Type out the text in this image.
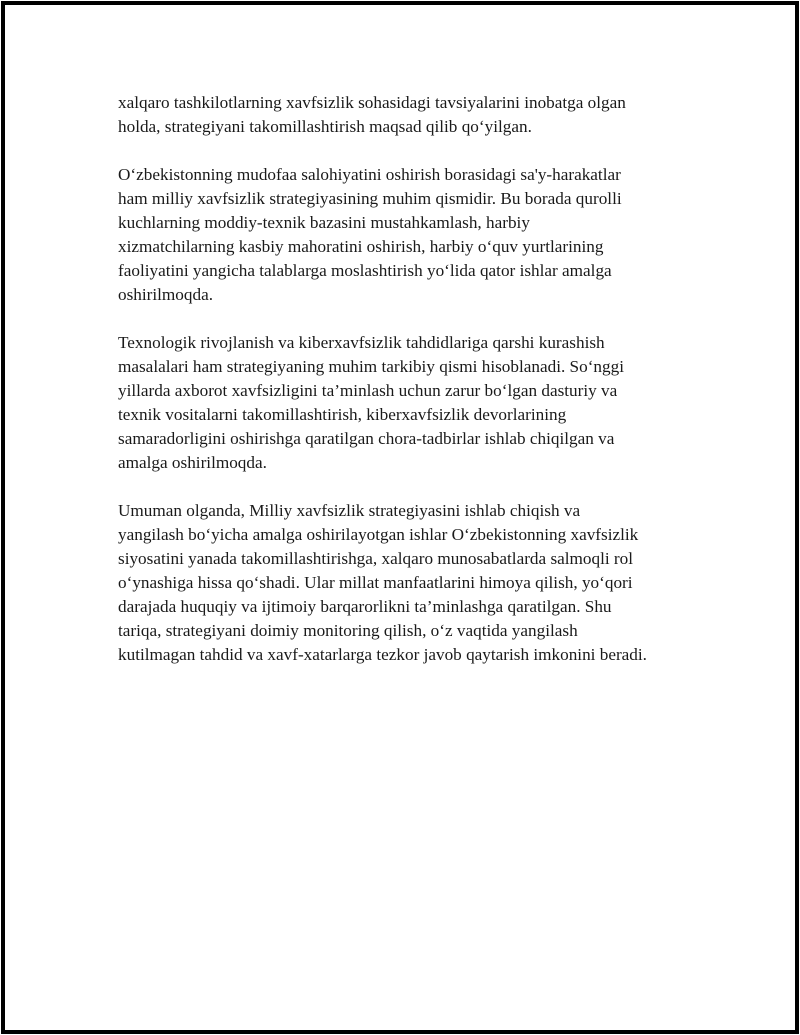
xalqaro tashkilotlarning xavfsizlik sohasidagi tavsiyalarini inobatga olgan
holda, strategiyani takomillashtirish maqsad qilib qo‘yilgan.

O‘zbekistonning mudofaa salohiyatini oshirish borasidagi sa'y-harakatlar
ham milliy xavfsizlik strategiyasining muhim qismidir. Bu borada qurolli
kuchlarning moddiy-texnik bazasini mustahkamlash, harbiy
xizmatchilarning kasbiy mahoratini oshirish, harbiy o‘quv yurtlarining
faoliyatini yangicha talablarga moslashtirish yo‘lida qator ishlar amalga
oshirilmoqda.

Texnologik rivojlanish va kiberxavfsizlik tahdidlariga qarshi kurashish
masalalari ham strategiyaning muhim tarkibiy qismi hisoblanadi. So‘nggi
yillarda axborot xavfsizligini ta’minlash uchun zarur bo‘lgan dasturiy va
texnik vositalarni takomillashtirish, kiberxavfsizlik devorlarining
samaradorligini oshirishga qaratilgan chora-tadbirlar ishlab chiqilgan va
amalga oshirilmoqda.

Umuman olganda, Milliy xavfsizlik strategiyasini ishlab chiqish va
yangilash bo‘yicha amalga oshirilayotgan ishlar O‘zbekistonning xavfsizlik
siyosatini yanada takomillashtirishga, xalqaro munosabatlarda salmoqli rol
o‘ynashiga hissa qo‘shadi. Ular millat manfaatlarini himoya qilish, yo‘qori
darajada huquqiy va ijtimoiy barqarorlikni ta’minlashga qaratilgan. Shu
tariqa, strategiyani doimiy monitoring qilish, o‘z vaqtida yangilash
kutilmagan tahdid va xavf-xatarlarga tezkor javob qaytarish imkonini beradi.
